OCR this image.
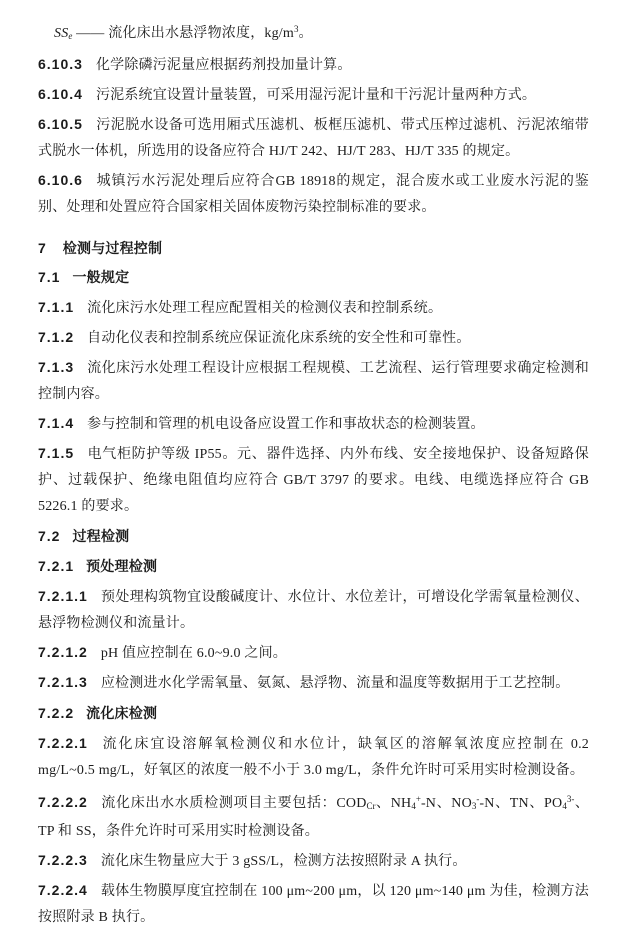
$SS_e$ —— 流化床出水悬浮物浓度，$kg/m^3$。

6.10.3 化学除磷污泥量应根据药剂投加量计算。

6.10.4 污泥系统宜设置计量装置，可采用湿污泥计量和干污泥计量两种方式。

6.10.5 污泥脱水设备可选用厢式压滤机、板框压滤机、带式压榨过滤机、污泥浓缩带式脱水一体机，所选用的设备应符合 HJ/T 242、HJ/T 283、HJ/T 335 的规定。

6.10.6 城镇污水污泥处理后应符合GB 18918的规定，混合废水或工业废水污泥的鉴别、处理和处置应符合国家相关固体废物污染控制标准的要求。

7 检测与过程控制

7.1 一般规定

7.1.1 流化床污水处理工程应配置相关的检测仪表和控制系统。

7.1.2 自动化仪表和控制系统应保证流化床系统的安全性和可靠性。

7.1.3 流化床污水处理工程设计应根据工程规模、工艺流程、运行管理要求确定检测和控制内容。

7.1.4 参与控制和管理的机电设备应设置工作和事故状态的检测装置。

7.1.5 电气柜防护等级 IP55。元、器件选择、内外布线、安全接地保护、设备短路保护、过载保护、绝缘电阻值均应符合 GB/T 3797 的要求。电线、电缆选择应符合 GB 5226.1 的要求。

7.2 过程检测

7.2.1 预处理检测

7.2.1.1 预处理构筑物宜设酸碱度计、水位计、水位差计，可增设化学需氧量检测仪、悬浮物检测仪和流量计。

7.2.1.2 pH 值应控制在 6.0~9.0 之间。

7.2.1.3 应检测进水化学需氧量、氨氮、悬浮物、流量和温度等数据用于工艺控制。

7.2.2 流化床检测

7.2.2.1 流化床宜设溶解氧检测仪和水位计，缺氧区的溶解氧浓度应控制在 0.2 mg/L~0.5 mg/L，好氧区的浓度一般不小于 3.0 mg/L，条件允许时可采用实时检测设备。

7.2.2.2 流化床出水水质检测项目主要包括：$COD_{Cr}$、$NH_4^+-N$、$NO_3^--N$、TN、$PO_4^{3-}$、TP 和 SS，条件允许时可采用实时检测设备。

7.2.2.3 流化床生物量应大于 3 gSS/L，检测方法按照附录 A 执行。

7.2.2.4 载体生物膜厚度宜控制在 100 μm~200 μm，以 120 μm~140 μm 为佳，检测方法按照附录 B 执行。
